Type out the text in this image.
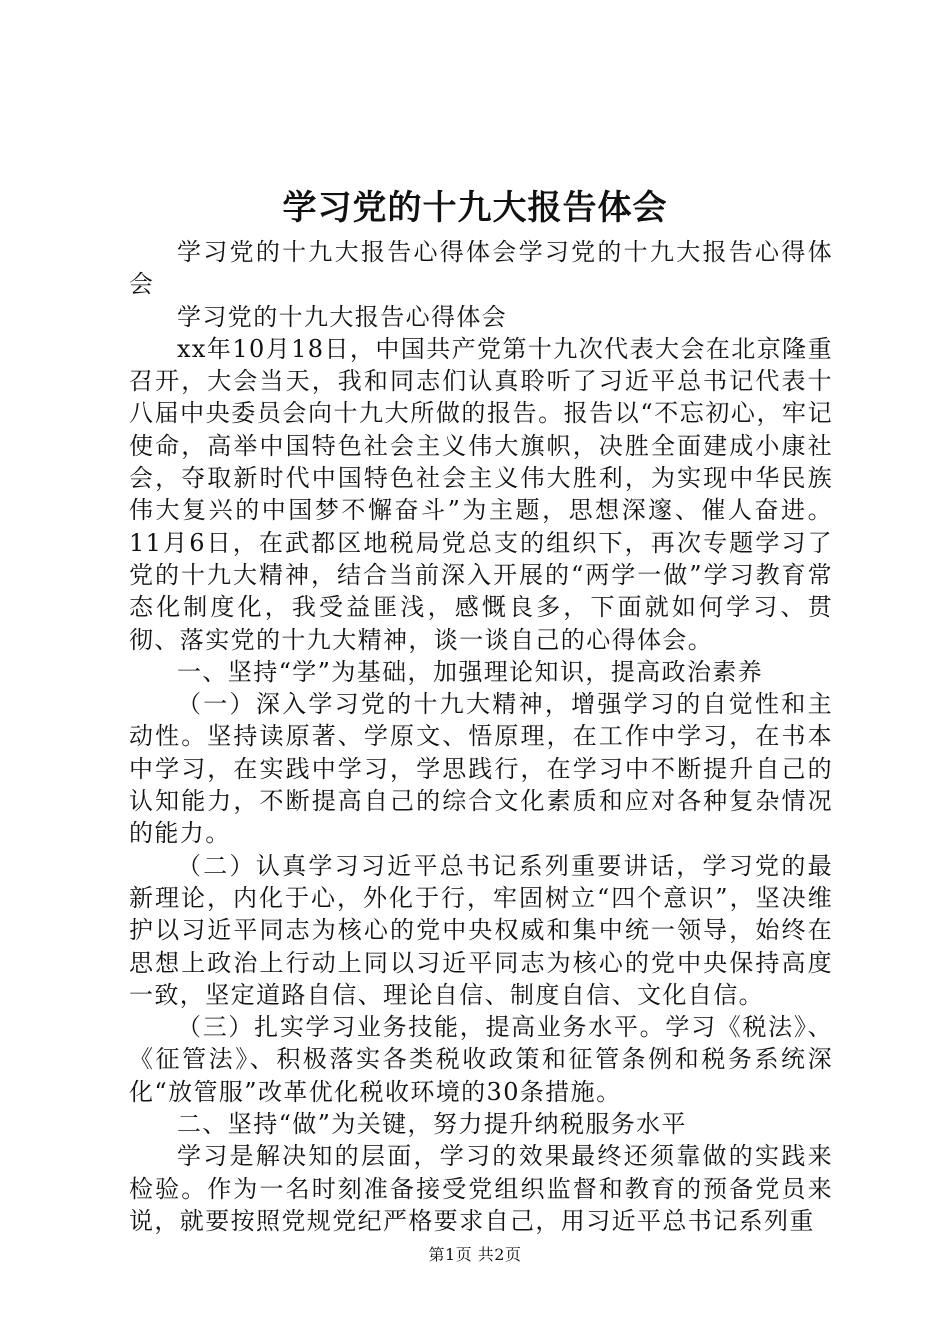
学习党的十九大报告体会

学习党的十九大报告心得体会学习党的十九大报告心得体会

学习党的十九大报告心得体会

xx年10月18日，中国共产党第十九次代表大会在北京隆重召开，大会当天，我和同志们认真聆听了习近平总书记代表十八届中央委员会向十九大所做的报告。报告以“不忘初心，牢记使命，高举中国特色社会主义伟大旗帜，决胜全面建成小康社会，夺取新时代中国特色社会主义伟大胜利，为实现中华民族伟大复兴的中国梦不懈奋斗”为主题，思想深邃、催人奋进。11月6日，在武都区地税局党总支的组织下，再次专题学习了党的十九大精神，结合当前深入开展的“两学一做”学习教育常态化制度化，我受益匪浅，感慨良多，下面就如何学习、贯彻、落实党的十九大精神，谈一谈自己的心得体会。

一、坚持“学”为基础，加强理论知识，提高政治素养

（一）深入学习党的十九大精神，增强学习的自觉性和主动性。坚持读原著、学原文、悟原理，在工作中学习，在书本中学习，在实践中学习，学思践行，在学习中不断提升自己的认知能力，不断提高自己的综合文化素质和应对各种复杂情况的能力。

（二）认真学习习近平总书记系列重要讲话，学习党的最新理论，内化于心，外化于行，牢固树立“四个意识”，坚决维护以习近平同志为核心的党中央权威和集中统一领导，始终在思想上政治上行动上同以习近平同志为核心的党中央保持高度一致，坚定道路自信、理论自信、制度自信、文化自信。

（三）扎实学习业务技能，提高业务水平。学习《税法》、《征管法》、积极落实各类税收政策和征管条例和税务系统深化“放管服”改革优化税收环境的30条措施。

二、坚持“做”为关键，努力提升纳税服务水平

学习是解决知的层面，学习的效果最终还须靠做的实践来检验。作为一名时刻准备接受党组织监督和教育的预备党员来说，就要按照党规党纪严格要求自己，用习近平总书记系列重

第1页 共2页
